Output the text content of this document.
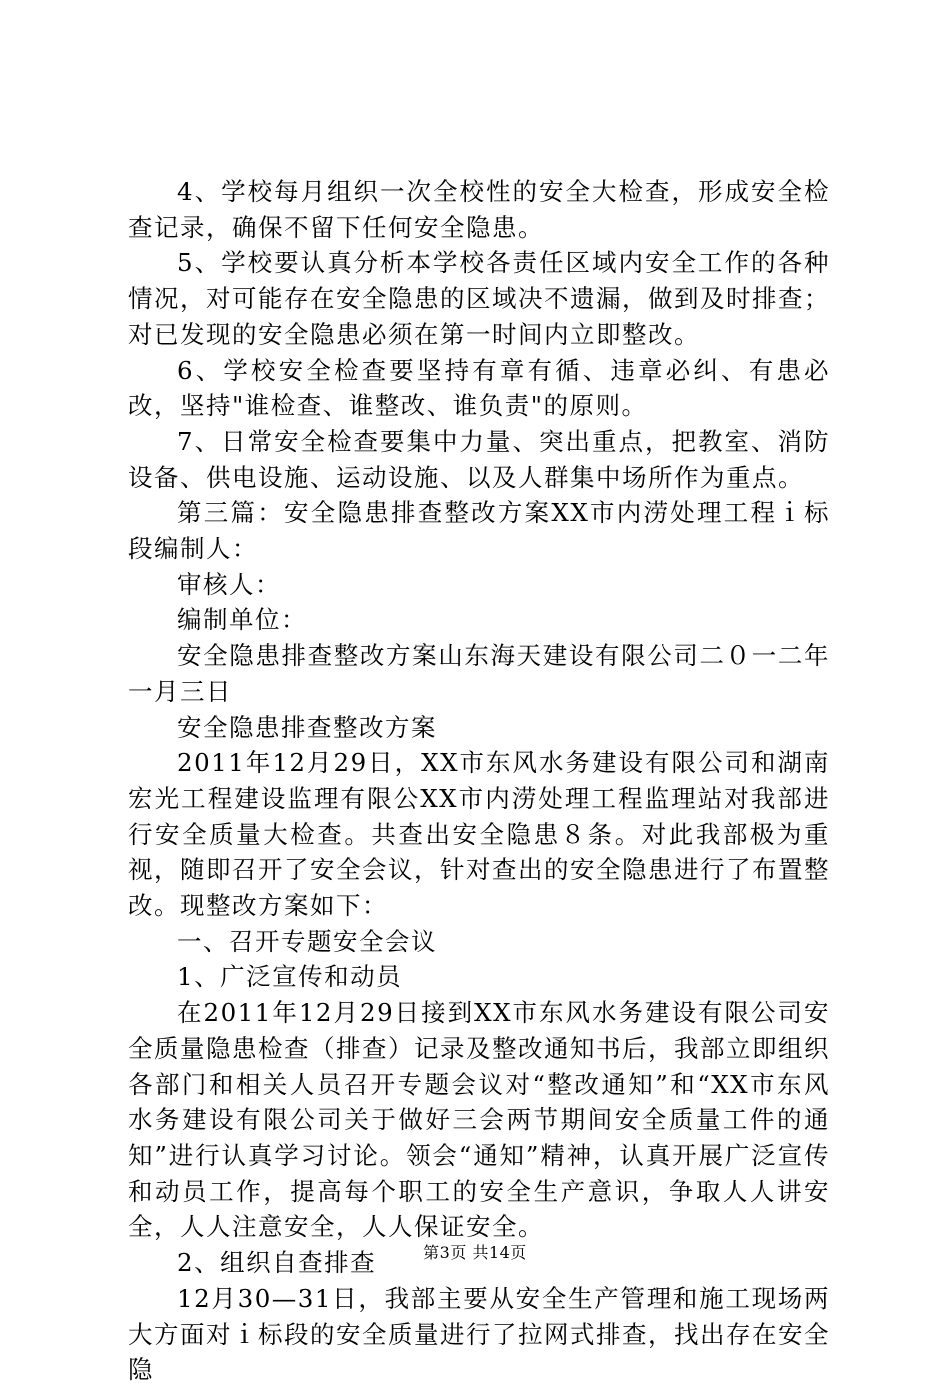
4、学校每月组织一次全校性的安全大检查，形成安全检查记录，确保不留下任何安全隐患。

5、学校要认真分析本学校各责任区域内安全工作的各种情况，对可能存在安全隐患的区域决不遗漏，做到及时排查；对已发现的安全隐患必须在第一时间内立即整改。

6、学校安全检查要坚持有章有循、违章必纠、有患必改，坚持"谁检查、谁整改、谁负责"的原则。

7、日常安全检查要集中力量、突出重点，把教室、消防设备、供电设施、运动设施、以及人群集中场所作为重点。

第三篇：安全隐患排查整改方案XX市内涝处理工程ｉ标段编制人：

审核人：

编制单位：

安全隐患排查整改方案山东海天建设有限公司二０一二年一月三日

安全隐患排查整改方案

2011年12月29日，XX市东风水务建设有限公司和湖南宏光工程建设监理有限公XX市内涝处理工程监理站对我部进行安全质量大检查。共查出安全隐患８条。对此我部极为重视，随即召开了安全会议，针对查出的安全隐患进行了布置整改。现整改方案如下：

一、召开专题安全会议

1、广泛宣传和动员

在2011年12月29日接到XX市东风水务建设有限公司安全质量隐患检查（排查）记录及整改通知书后，我部立即组织各部门和相关人员召开专题会议对“整改通知”和“XX市东风水务建设有限公司关于做好三会两节期间安全质量工件的通知”进行认真学习讨论。领会“通知”精神，认真开展广泛宣传和动员工作，提高每个职工的安全生产意识，争取人人讲安全，人人注意安全，人人保证安全。

2、组织自查排查

12月30—31日，我部主要从安全生产管理和施工现场两大方面对ｉ标段的安全质量进行了拉网式排查，找出存在安全隐

第3页 共14页
